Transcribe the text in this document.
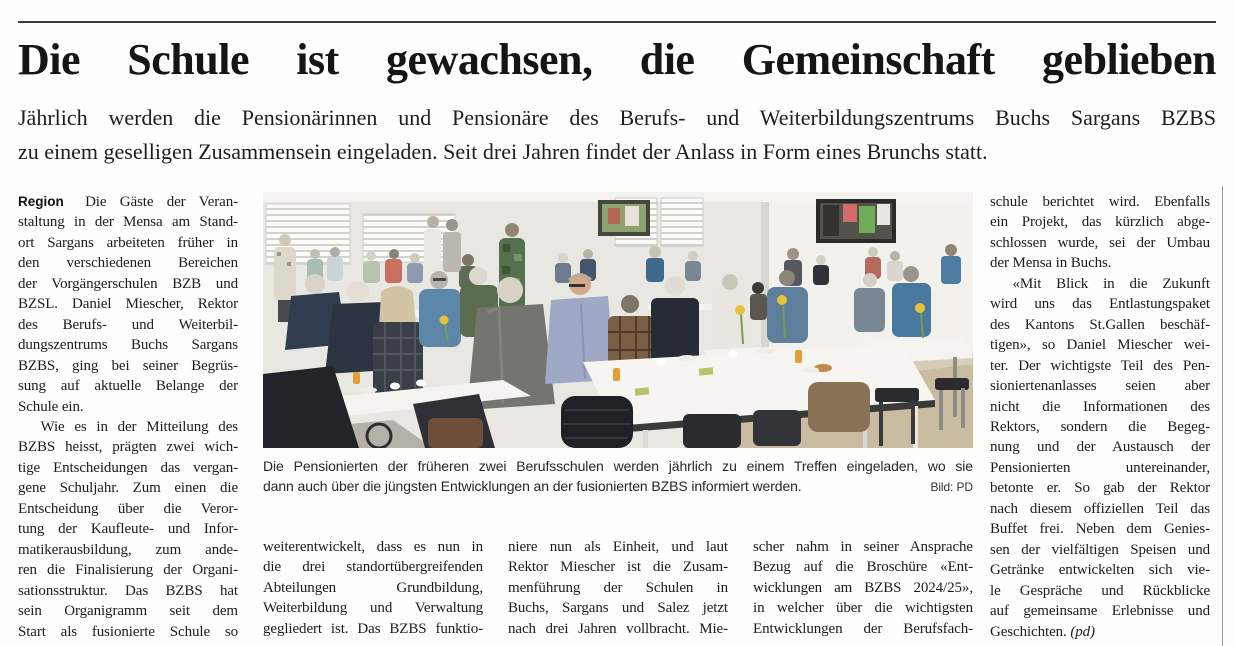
Die Schule ist gewachsen, die Gemeinschaft geblieben
Jährlich werden die Pensionärinnen und Pensionäre des Berufs- und Weiterbildungszentrums Buchs Sargans BZBS
zu einem geselligen Zusammensein eingeladen. Seit drei Jahren findet der Anlass in Form eines Brunchs statt.
Region Die Gäste der Veran-
staltung in der Mensa am Stand-
ort Sargans arbeiteten früher in
den verschiedenen Bereichen
der Vorgängerschulen BZB und
BZSL. Daniel Miescher, Rektor
des Berufs- und Weiterbil-
dungszentrums Buchs Sargans
BZBS, ging bei seiner Begrüs-
sung auf aktuelle Belange der
Schule ein.
Wie es in der Mitteilung des
BZBS heisst, prägten zwei wich-
tige Entscheidungen das vergan-
gene Schuljahr. Zum einen die
Entscheidung über die Veror-
tung der Kaufleute- und Infor-
matikerausbildung, zum ande-
ren die Finalisierung der Organi-
sationsstruktur. Das BZBS hat
sein Organigramm seit dem
Start als fusionierte Schule so
Die Pensionierten der früheren zwei Berufsschulen werden jährlich zu einem Treffen eingeladen, wo sie
dann auch über die jüngsten Entwicklungen an der fusionierten BZBS informiert werden.	Bild: PD
weiterentwickelt, dass es nun in
die drei standortübergreifenden
Abteilungen Grundbildung,
Weiterbildung und Verwaltung
gegliedert ist. Das BZBS funktio-
niere nun als Einheit, und laut
Rektor Miescher ist die Zusam-
menführung der Schulen in
Buchs, Sargans und Salez jetzt
nach drei Jahren vollbracht. Mie-
scher nahm in seiner Ansprache
Bezug auf die Broschüre «Ent-
wicklungen am BZBS 2024/25»,
in welcher über die wichtigsten
Entwicklungen der Berufsfach-
schule berichtet wird. Ebenfalls
ein Projekt, das kürzlich abge-
schlossen wurde, sei der Umbau
der Mensa in Buchs.
«Mit Blick in die Zukunft
wird uns das Entlastungspaket
des Kantons St.Gallen beschäf-
tigen», so Daniel Miescher wei-
ter. Der wichtigste Teil des Pen-
sioniertenanlasses seien aber
nicht die Informationen des
Rektors, sondern die Begeg-
nung und der Austausch der
Pensionierten untereinander,
betonte er. So gab der Rektor
nach diesem offiziellen Teil das
Buffet frei. Neben dem Genies-
sen der vielfältigen Speisen und
Getränke entwickelten sich vie-
le Gespräche und Rückblicke
auf gemeinsame Erlebnisse und
Geschichten. (pd)
